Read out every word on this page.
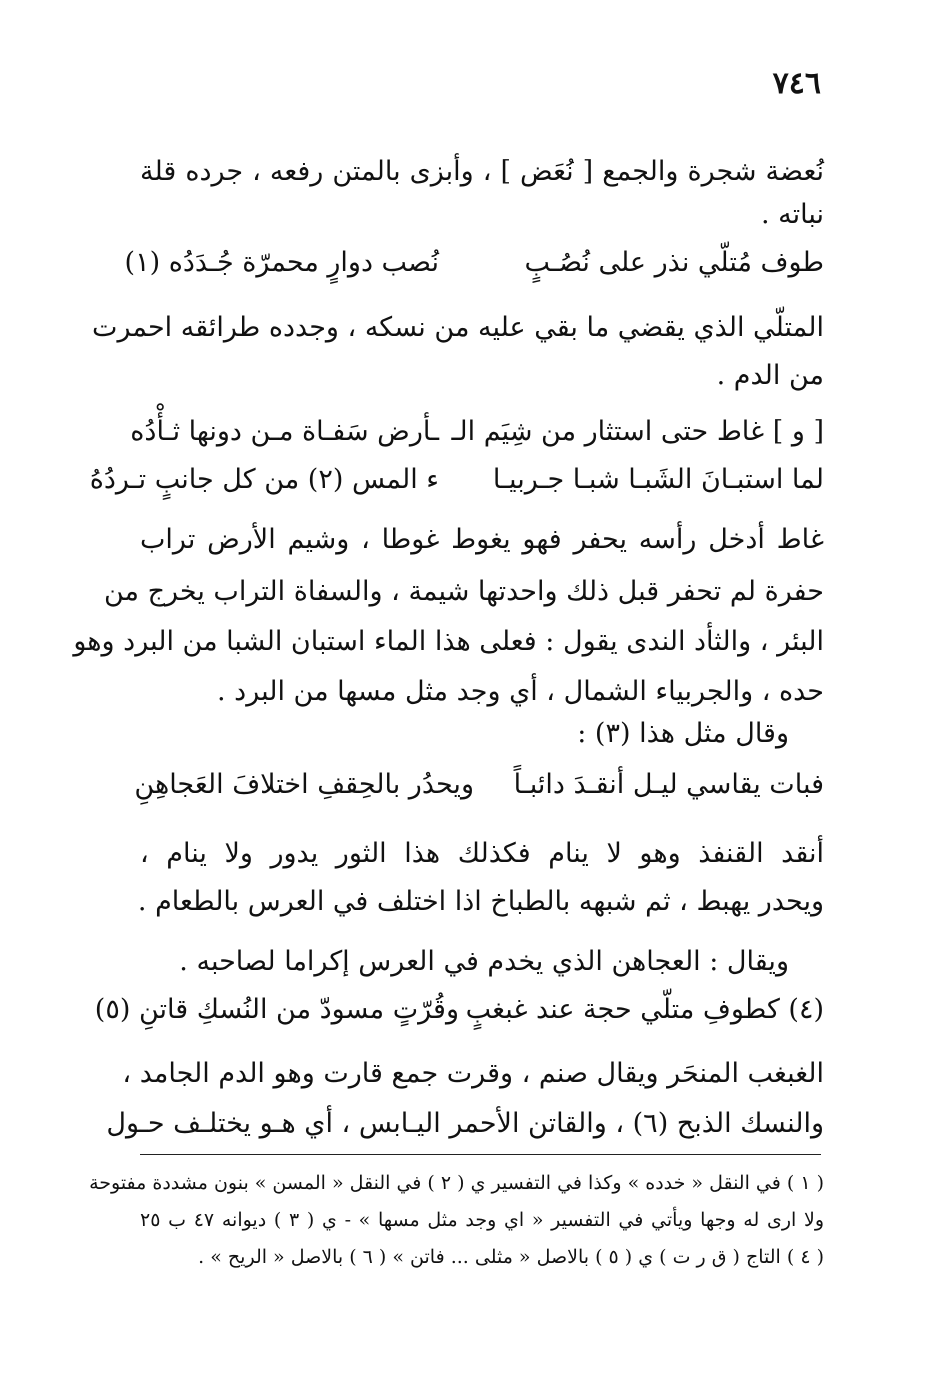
٧٤٦
نُعضة شجرة والجمع [ نُعَض ] ، وأبزى بالمتن رفعه ، جرده قلة
نباته .
طوف مُتلّي نذر على نُصُـبٍ
نُصب دوارٍ محمرّة جُـدَدُه (١)
المتلّي الذي يقضي ما بقي عليه من نسكه ، وجدده طرائقه احمرت
من الدم .
[ و ] غاط حتى استثار من شِيَم الـ
ـأرض سَفـاة مـن دونها ثـأْدُه
لما استبـانَ الشَبـا شبـا جـربيـا
ء المس (٢) من كل جانبٍ تـردُهُ
غاط أدخل رأسه يحفر فهو يغوط غوطا ، وشيم الأرض تراب
حفرة لم تحفر قبل ذلك واحدتها شيمة ، والسفاة التراب يخرج من
البئر ، والثأد الندى يقول : فعلى هذا الماء استبان الشبا من البرد وهو
حده ، والجربياء الشمال ، أي وجد مثل مسها من البرد .
وقال مثل هذا (٣) :
فبات يقاسي ليـل أنقـدَ دائبـاً
ويحدُر بالحِقفِ اختلافَ العَجاهِنِ
أنقد القنفذ وهو لا ينام فكذلك هذا الثور يدور ولا ينام ،
ويحدر يهبط ، ثم شبهه بالطباخ اذا اختلف في العرس بالطعام .
ويقال : العجاهن الذي يخدم في العرس إكراما لصاحبه .
(٤) كطوفِ متلّي حجة عند غبغبٍ
وقُرّتٍ مسودّ من النُسكِ قاتنِ (٥)
الغبغب المنحَر ويقال صنم ، وقرت جمع قارت وهو الدم الجامد ،
والنسك الذبح (٦) ، والقاتن الأحمر اليـابس ، أي هـو يختلـف حـول
( ١ ) في النقل « خدده » وكذا في التفسير ي ( ٢ ) في النقل « المسن » بنون مشددة مفتوحة
ولا ارى له وجها ويأتي في التفسير « اي وجد مثل مسها » - ي ( ٣ ) ديوانه ٤٧ ب ٢٥
( ٤ ) التاج ( ق ر ت ) ي ( ٥ ) بالاصل « مثلى ... فاتن » ( ٦ ) بالاصل « الريح » .
